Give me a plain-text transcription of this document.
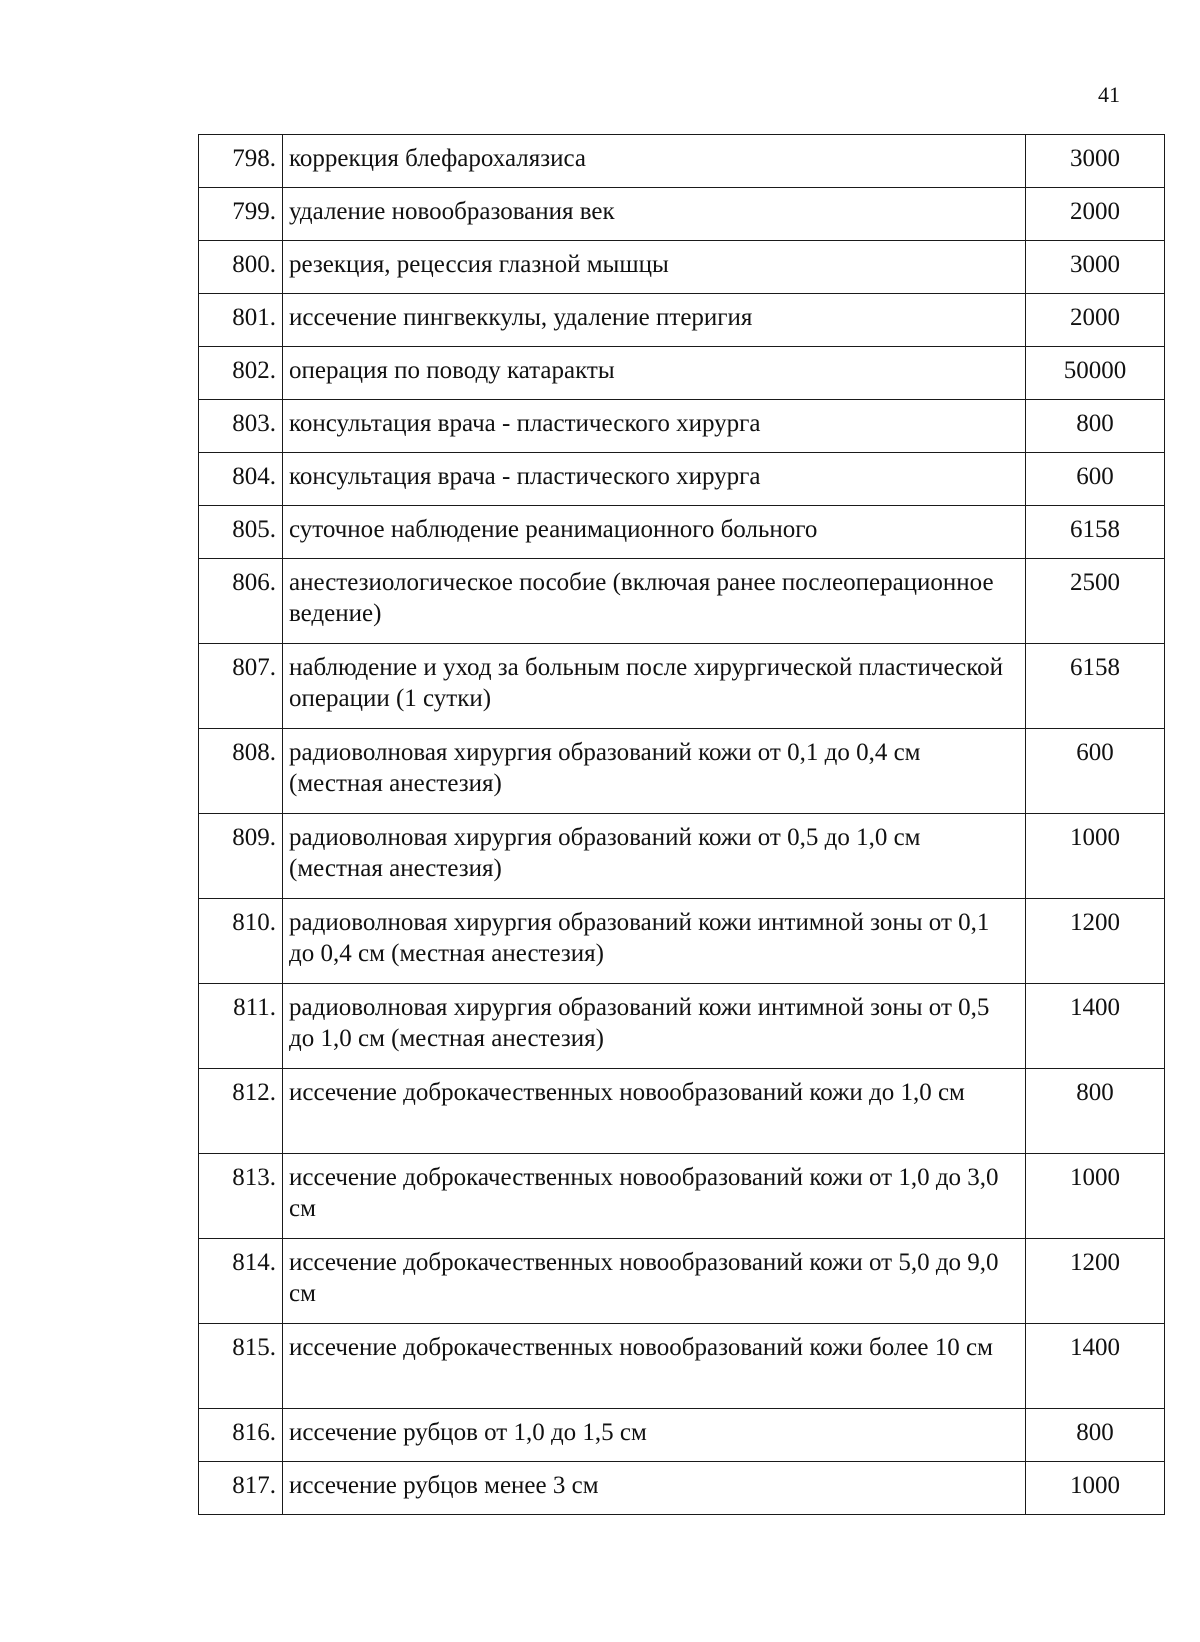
41
798.	коррекция блефарохалязиса	3000
799.	удаление новообразования век	2000
800.	резекция, рецессия глазной мышцы	3000
801.	иссечение пингвеккулы, удаление птеригия	2000
802.	операция по поводу катаракты	50000
803.	консультация врача - пластического хирурга	800
804.	консультация врача - пластического хирурга	600
805.	суточное наблюдение реанимационного больного	6158
806.	анестезиологическое пособие (включая ранее послеоперационное ведение)	2500
807.	наблюдение и уход за больным после хирургической пластической операции (1 сутки)	6158
808.	радиоволновая хирургия образований кожи от 0,1 до 0,4 см (местная анестезия)	600
809.	радиоволновая хирургия образований кожи от 0,5 до 1,0 см (местная анестезия)	1000
810.	радиоволновая хирургия образований кожи интимной зоны от 0,1 до 0,4 см (местная анестезия)	1200
811.	радиоволновая хирургия образований кожи интимной зоны от 0,5 до 1,0 см (местная анестезия)	1400
812.	иссечение доброкачественных новообразований кожи до 1,0 см	800
813.	иссечение доброкачественных новообразований кожи от 1,0 до 3,0 см	1000
814.	иссечение доброкачественных новообразований кожи от 5,0 до 9,0 см	1200
815.	иссечение доброкачественных новообразований кожи более 10 см	1400
816.	иссечение рубцов от 1,0 до 1,5 см	800
817.	иссечение рубцов менее 3 см	1000
